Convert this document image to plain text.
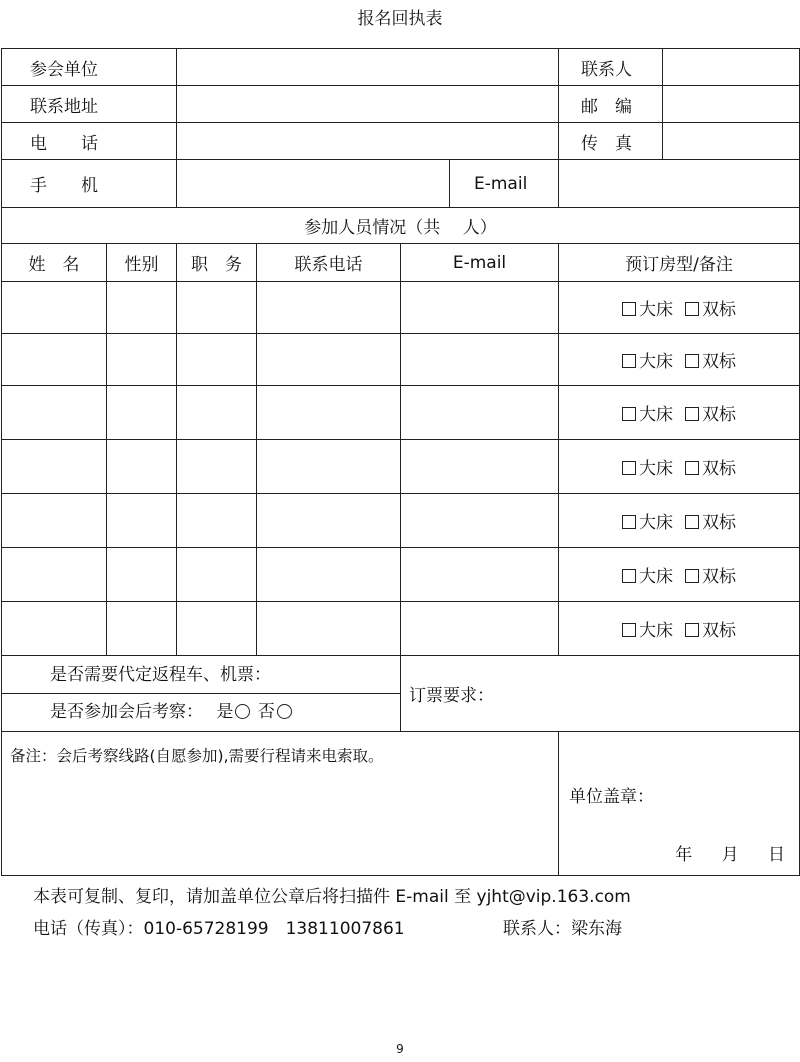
报名回执表
参会单位						联系人	
联系地址						邮　编	
电　　话						传　真	
手　　机					E-mail		
参加人员情况（共　 人）							
姓　名	性别	职　务	联系电话	E-mail		预订房型/备注	
						大床 双标	
						大床 双标	
						大床 双标	
						大床 双标	
						大床 双标	
						大床 双标	
						大床 双标	

是否需要代定返程车、机票：
是否参加会后考察： 是 否				订票要求：			
备注：会后考察线路(自愿参加),需要行程请来电索取。						单位盖章：
年 月 日	
本表可复制、复印，请加盖单位公章后将扫描件 E-mail 至 yjht@vip.163.com
电话（传真）：010-65728199　13811007861	联系人：梁东海
9
